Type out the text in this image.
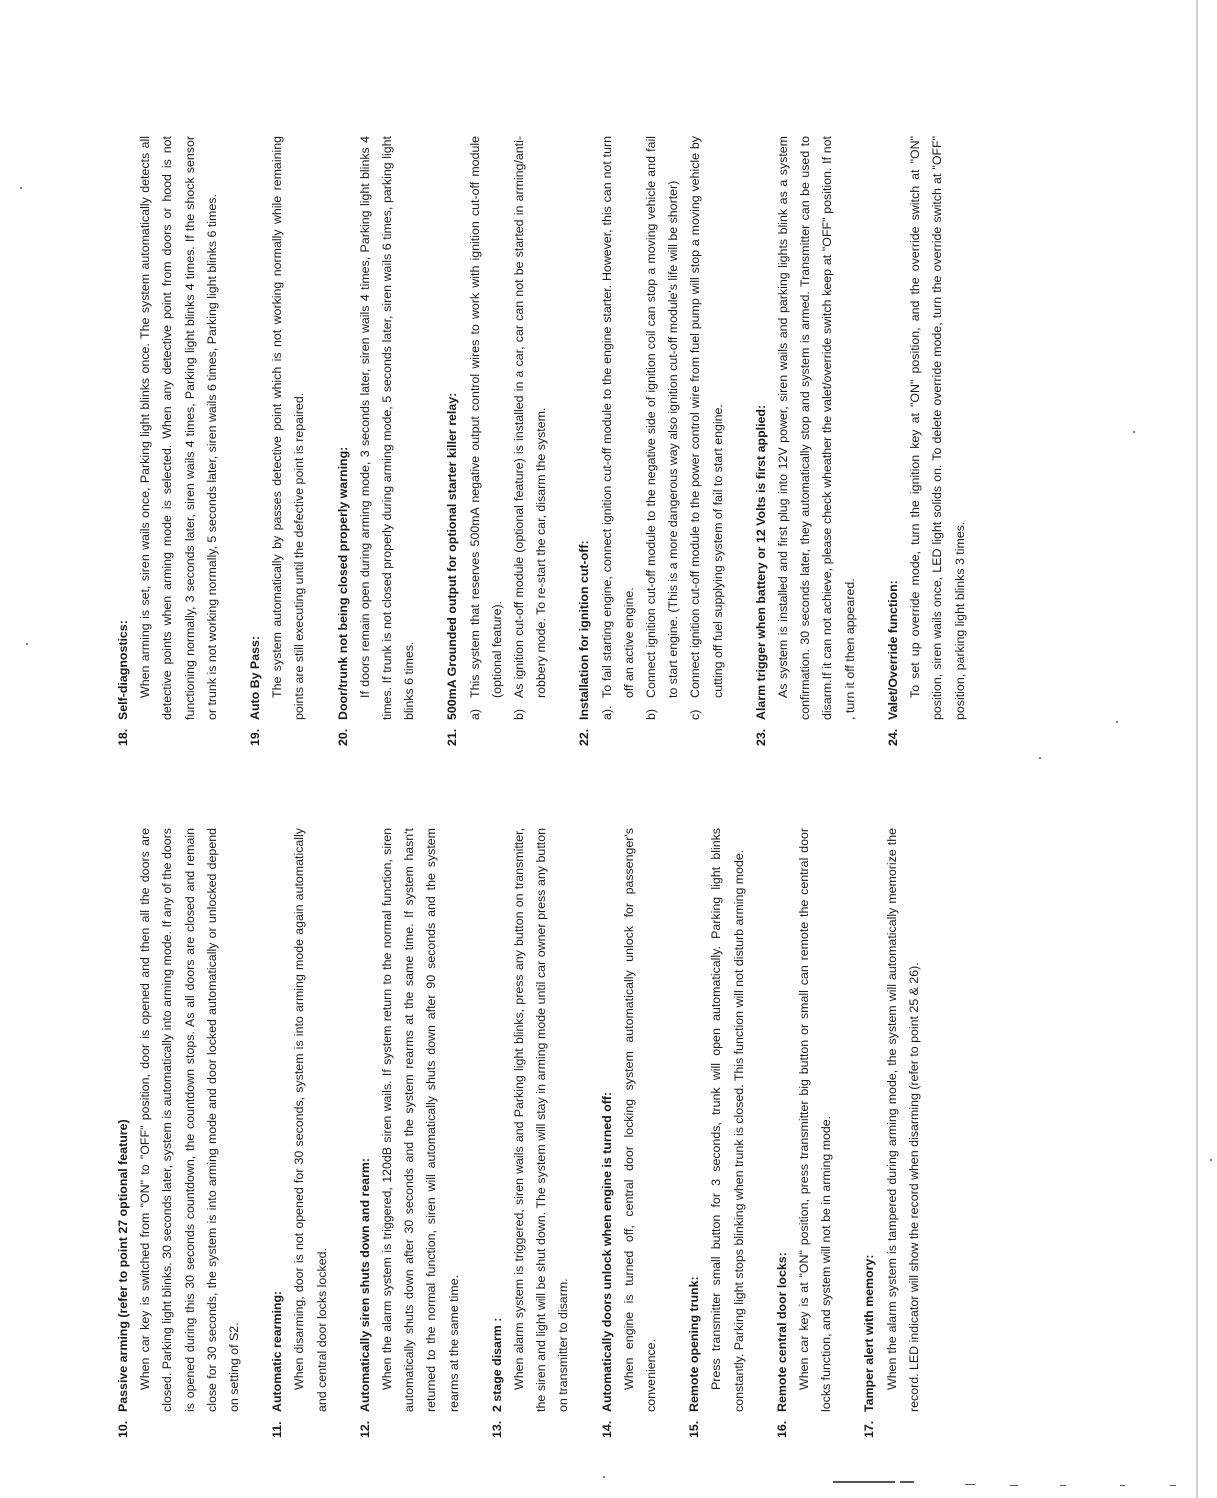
10.Passive arming (refer to point 27 optional feature) When car key is switched from "ON" to "OFF" position, door is opened and then all the doors are closed. Parking light blinks. 30 seconds later, system is automatically into arming mode. If any of the doors is opened during this 30 seconds countdown, the countdown stops. As all doors are closed and remain close for 30 seconds, the system is into arming mode and door locked automatically or unlocked depend on setting of S2.
11.Automatic rearming: When disarming, door is not opened for 30 seconds, system is into arming mode again automatically and central door locks locked.
12.Automatically siren shuts down and rearm: When the alarm system is triggered, 120dB siren wails. If system return to the normal function, siren automatically shuts down after 30 seconds and the system rearms at the same time. If system hasn't returned to the normal function, siren will automatically shuts down after 90 seconds and the system rearms at the same time.
13.2 stage disarm : When alarm system is triggered, siren wails and Parking light blinks, press any button on transmitter, the siren and light will be shut down. The system will stay in arming mode until car owner press any button on transmitter to disarm.
14.Automatically doors unlock when engine is turned off: When engine is turned off, central door locking system automatically unlock for passenger's convenience.
15.Remote opening trunk: Press transmitter small button for 3 seconds, trunk will open automatically. Parking light blinks constantly. Parking light stops blinking when trunk is closed. This function will not disturb arming mode.
16.Remote central door locks: When car key is at "ON" position, press transmitter big button or small can remote the central door locks function, and system will not be in arming mode.
17.Tamper alert with memory: When the alarm system is tampered during arming mode, the system will automatically memorize the record. LED indicator will show the record when disarming (refer to point 25 & 26).
18.Self-diagnostics: When arming is set, siren wails once, Parking light blinks once. The system automatically detects all detective points when arming mode is selected. When any detective point from doors or hood is not functioning normally, 3 seconds later, siren wails 4 times, Parking light blinks 4 times. If the shock sensor or trunk is not working normally, 5 seconds later, siren wails 6 times, Parking light blinks 6 times.
19.Auto By Pass: The system automatically by passes detective point which is not working normally while remaining points are still executing until the defective point is repaired.
20.Door/trunk not being closed properly warning: If doors remain open during arming mode, 3 seconds later, siren wails 4 times, Parking light blinks 4 times. If trunk is not closed properly during arming mode, 5 seconds later, siren wails 6 times, parking light blinks 6 times.
21.500mA Grounded output for optional starter killer relay: a)
This system that reserves 500mA negative output control wires to work with ignition cut-off module (optional feature).
b)
As ignition cut-off module (optional feature) is installed in a car, car can not be started in arming/anti-robbery mode. To re-start the car, disarm the system.
22.Installation for ignition cut-off: a).
To fail starting engine, connect ignition cut-off module to the engine starter. However, this can not turn off an active engine.
b)
Connect ignition cut-off module to the negative side of ignition coil can stop a moving vehicle and fail to start engine. (This is a more dangerous way also ignition cut-off module's life will be shorter)
c)
Connect ignition cut-off module to the power control wire from fuel pump will stop a moving vehicle by cutting off fuel supplying system of fail to start engine.
23.Alarm trigger when battery or 12 Volts is first applied: As system is installed and first plug into 12V power, siren wails and parking lights blink as a system confirmation. 30 seconds later, they automatically stop and system is armed. Transmitter can be used to disarm.If it can not achieve, please check wheather the valet/override switch keep at "OFF" position. If not , turn it off then appeared.
24.Valet/Override function: To set up override mode, turn the ignition key at "ON" position, and the override switch at "ON" position, siren wails once, LED light solids on. To delete override mode, turn the override switch at "OFF" position, parking light blinks 3 times.
